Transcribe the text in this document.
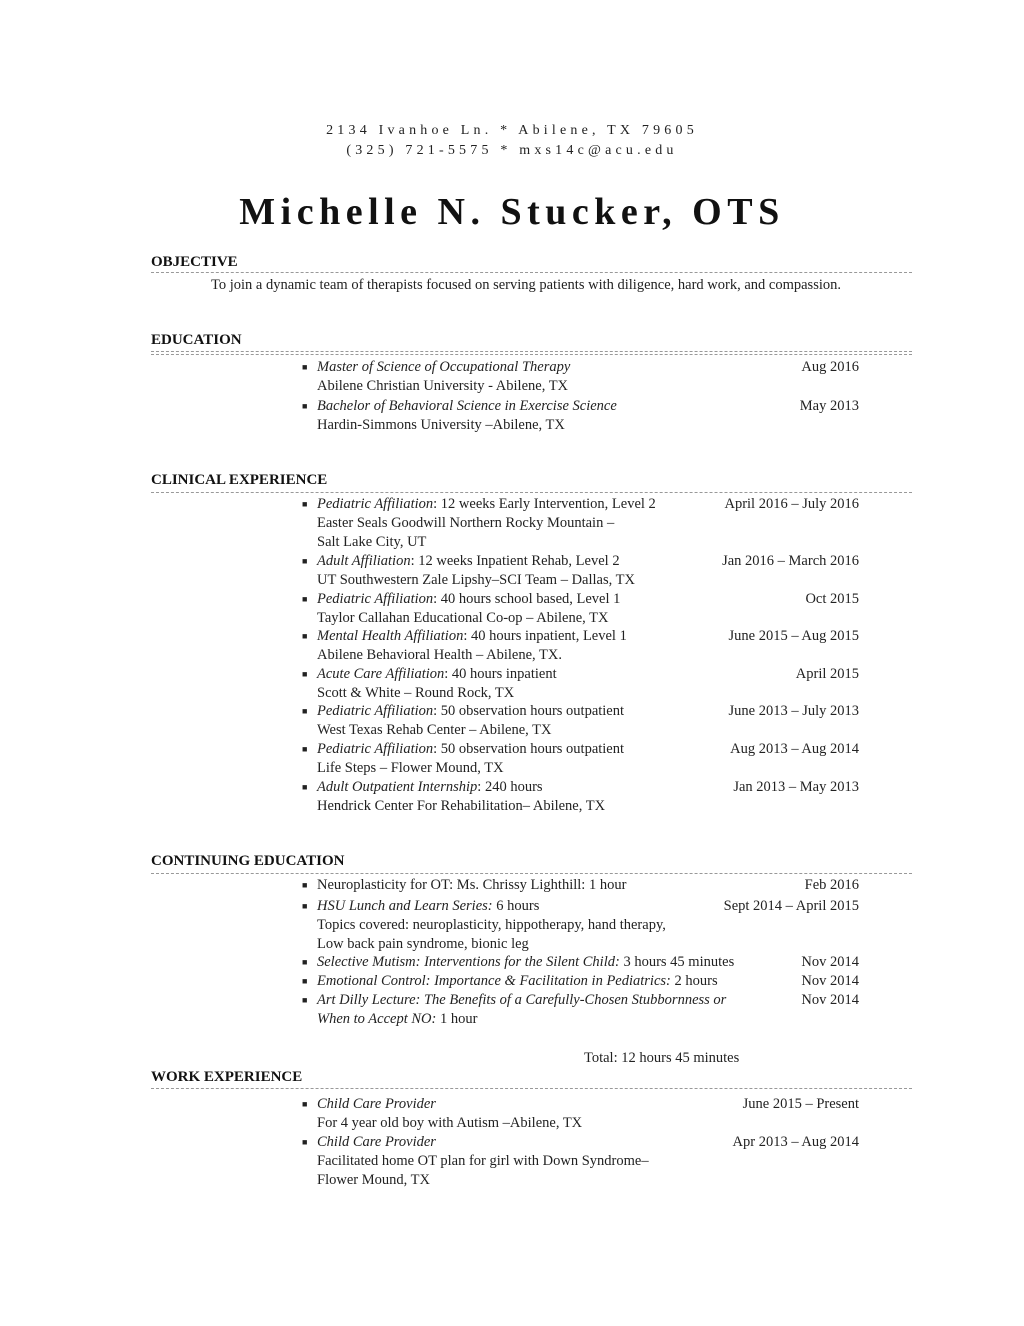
2134 Ivanhoe Ln. * Abilene, TX 79605
(325) 721-5575 * mxs14c@acu.edu
Michelle N. Stucker, OTS
OBJECTIVE
To join a dynamic team of therapists focused on serving patients with diligence, hard work, and compassion.
EDUCATION
■ Master of Science of Occupational Therapy
Abilene Christian University - Abilene, TX
Aug 2016
■ Bachelor of Behavioral Science in Exercise Science
Hardin-Simmons University –Abilene, TX
May 2013
CLINICAL EXPERIENCE
■ Pediatric Affiliation: 12 weeks Early Intervention, Level 2
Easter Seals Goodwill Northern Rocky Mountain –
Salt Lake City, UT
April 2016 – July 2016
■ Adult Affiliation: 12 weeks Inpatient Rehab, Level 2
UT Southwestern Zale Lipshy–SCI Team – Dallas, TX
Jan 2016 – March 2016
■ Pediatric Affiliation: 40 hours school based, Level 1
Taylor Callahan Educational Co-op – Abilene, TX
Oct 2015
■ Mental Health Affiliation: 40 hours inpatient, Level 1
Abilene Behavioral Health – Abilene, TX.
June 2015 – Aug 2015
■ Acute Care Affiliation: 40 hours inpatient
Scott & White – Round Rock, TX
April 2015
■ Pediatric Affiliation: 50 observation hours outpatient
West Texas Rehab Center – Abilene, TX
June 2013 – July 2013
■ Pediatric Affiliation: 50 observation hours outpatient
Life Steps – Flower Mound, TX
Aug 2013 – Aug 2014
■ Adult Outpatient Internship: 240 hours
Hendrick Center For Rehabilitation– Abilene, TX
Jan 2013 – May 2013
CONTINUING EDUCATION
■ Neuroplasticity for OT: Ms. Chrissy Lighthill: 1 hour	Feb 2016
■ HSU Lunch and Learn Series: 6 hours
Topics covered: neuroplasticity, hippotherapy, hand therapy,
Low back pain syndrome, bionic leg
Sept 2014 – April 2015
■ Selective Mutism: Interventions for the Silent Child: 3 hours 45 minutes	Nov 2014
■ Emotional Control: Importance & Facilitation in Pediatrics: 2 hours	Nov 2014
■ Art Dilly Lecture: The Benefits of a Carefully-Chosen Stubbornness or
When to Accept NO: 1 hour
Nov 2014
Total: 12 hours 45 minutes
WORK EXPERIENCE
■ Child Care Provider
For 4 year old boy with Autism –Abilene, TX
June 2015 – Present
■ Child Care Provider
Facilitated home OT plan for girl with Down Syndrome–
Flower Mound, TX
Apr 2013 – Aug 2014
